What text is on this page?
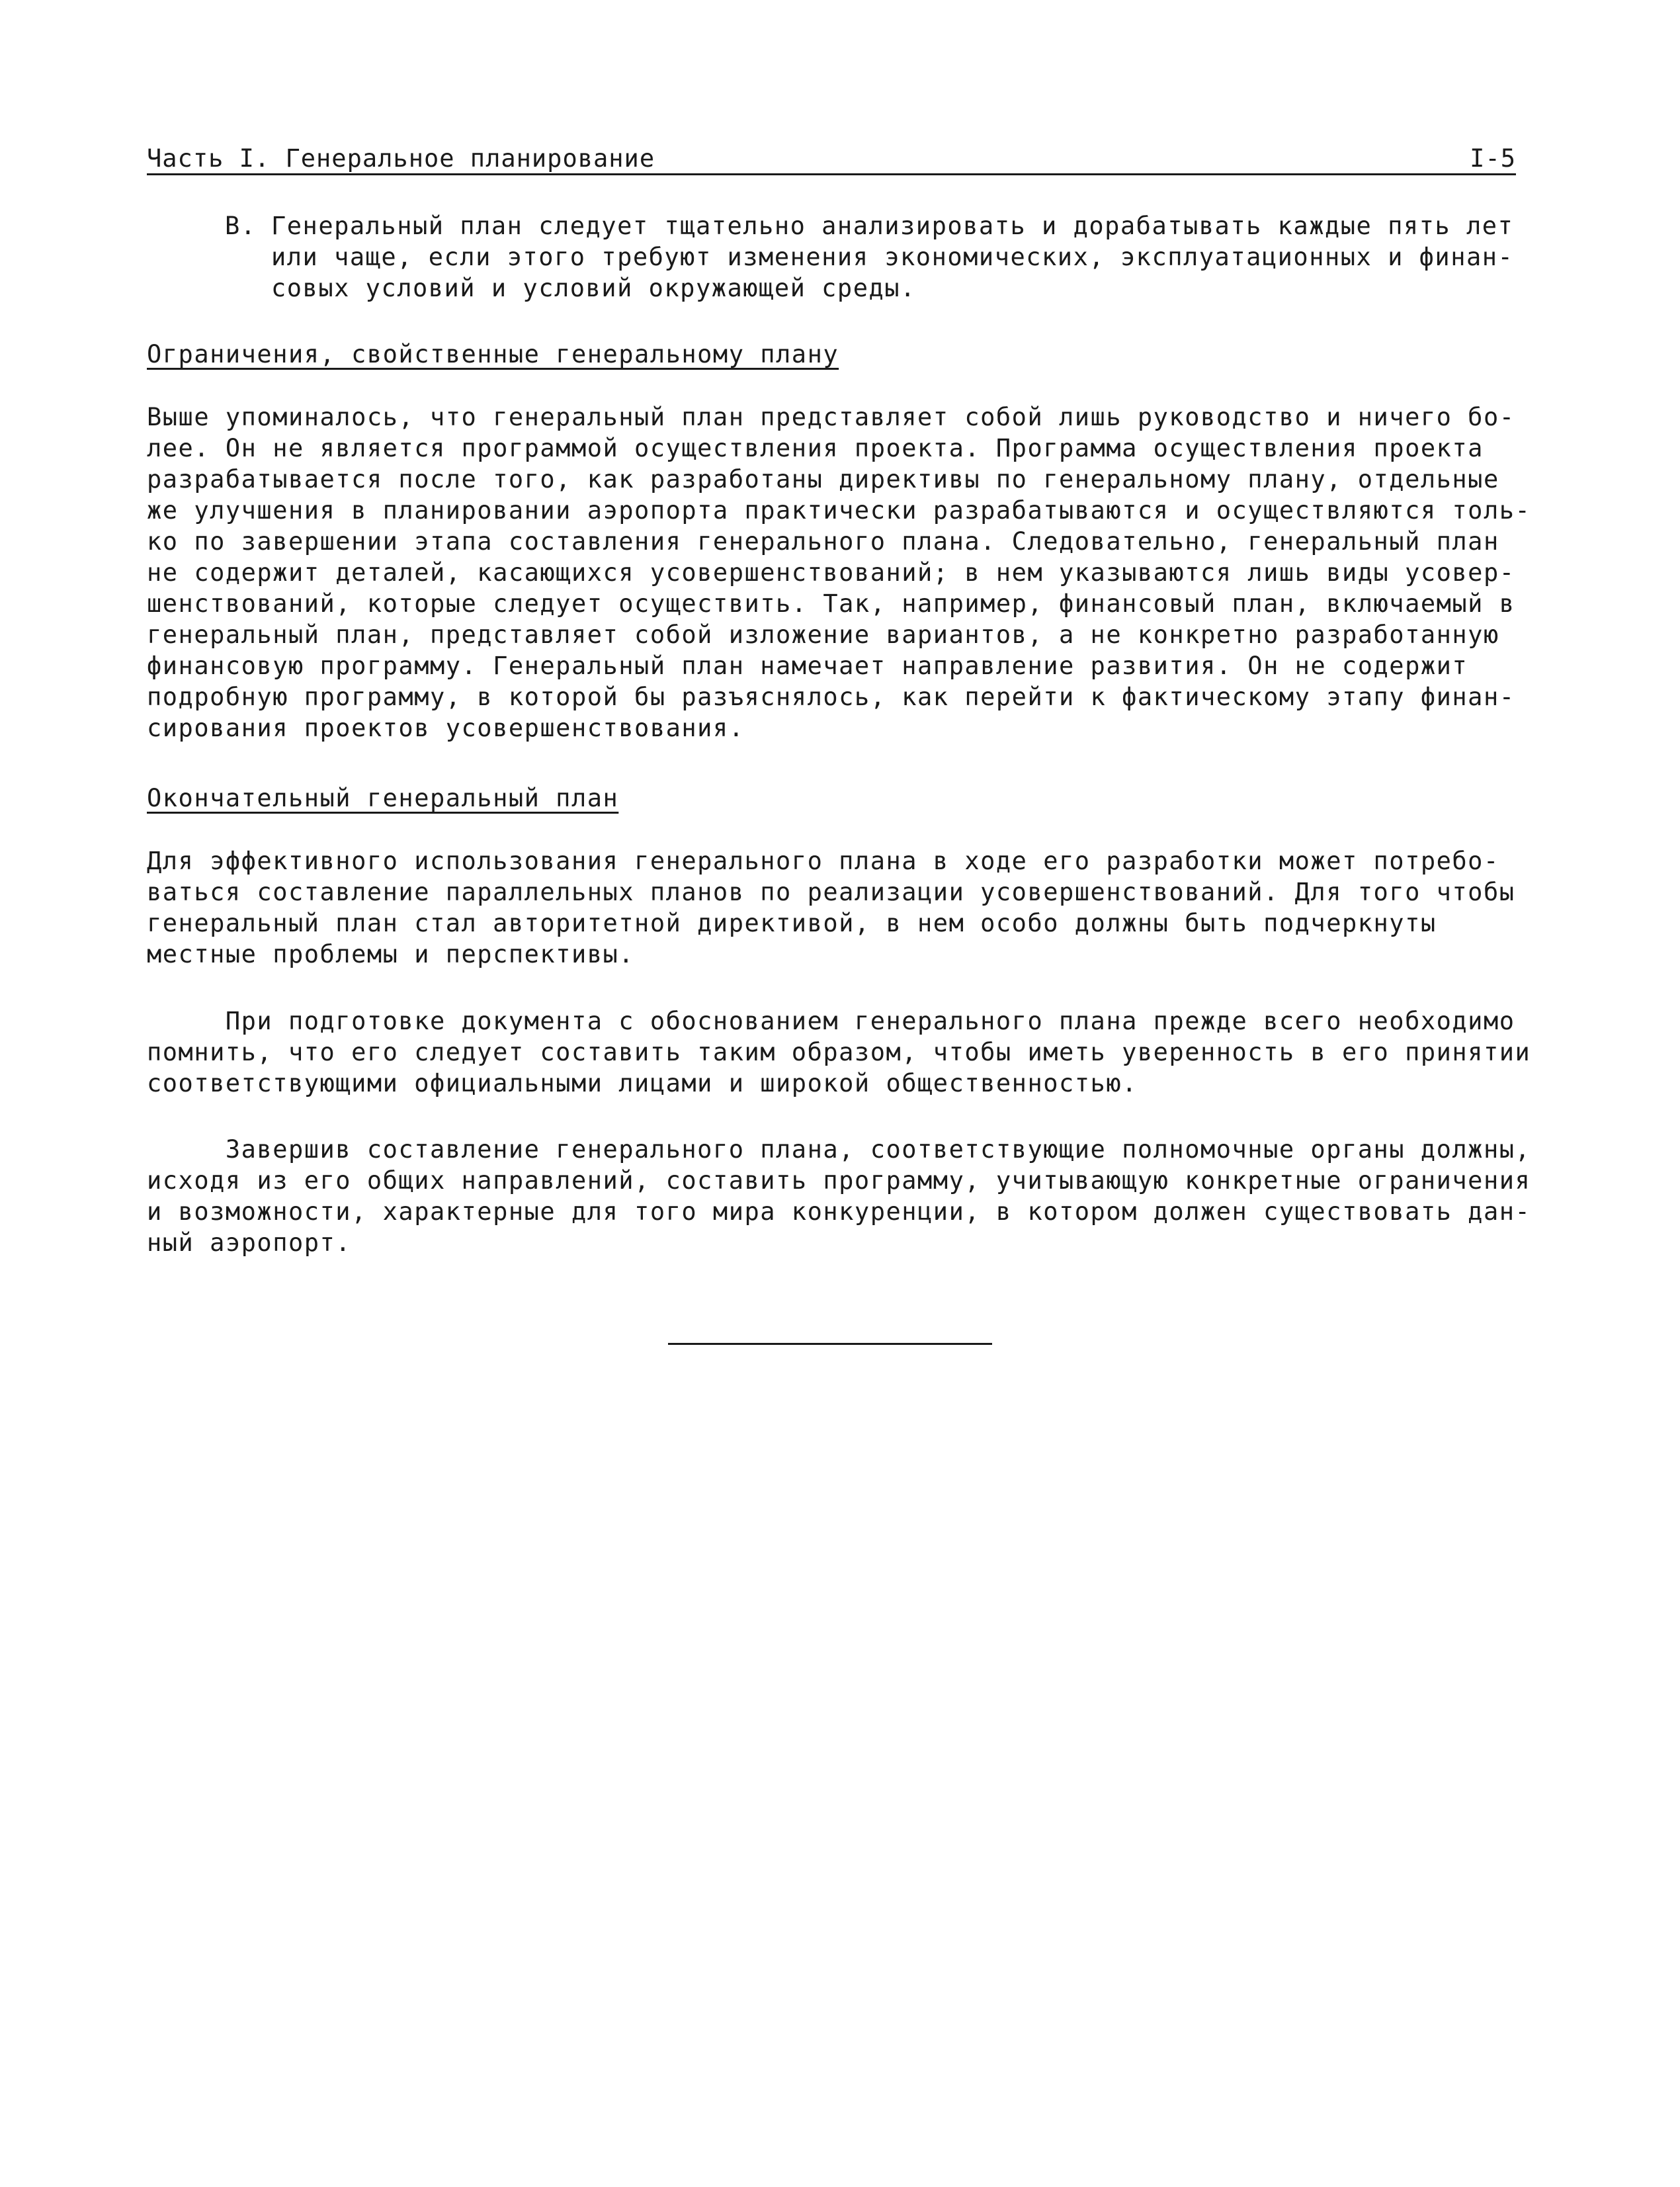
Часть I. Генеральное планирование	I-5
В. Генеральный план следует тщательно анализировать и дорабатывать каждые пять лет
или чаще, если этого требуют изменения экономических, эксплуатационных и финан-
совых условий и условий окружающей среды.

Ограничения, свойственные генеральному плану

Выше упоминалось, что генеральный план представляет собой лишь руководство и ничего бо-
лее. Он не является программой осуществления проекта. Программа осуществления проекта
разрабатывается после того, как разработаны директивы по генеральному плану, отдельные
же улучшения в планировании аэропорта практически разрабатываются и осуществляются толь-
ко по завершении этапа составления генерального плана. Следовательно, генеральный план
не содержит деталей, касающихся усовершенствований; в нем указываются лишь виды усовер-
шенствований, которые следует осуществить. Так, например, финансовый план, включаемый в
генеральный план, представляет собой изложение вариантов, а не конкретно разработанную
финансовую программу. Генеральный план намечает направление развития. Он не содержит
подробную программу, в которой бы разъяснялось, как перейти к фактическому этапу финан-
сирования проектов усовершенствования.

Окончательный генеральный план

Для эффективного использования генерального плана в ходе его разработки может потребо-
ваться составление параллельных планов по реализации усовершенствований. Для того чтобы
генеральный план стал авторитетной директивой, в нем особо должны быть подчеркнуты
местные проблемы и перспективы.

При подготовке документа с обоснованием генерального плана прежде всего необходимо
помнить, что его следует составить таким образом, чтобы иметь уверенность в его принятии
соответствующими официальными лицами и широкой общественностью.

Завершив составление генерального плана, соответствующие полномочные органы должны,
исходя из его общих направлений, составить программу, учитывающую конкретные ограничения
и возможности, характерные для того мира конкуренции, в котором должен существовать дан-
ный аэропорт.
